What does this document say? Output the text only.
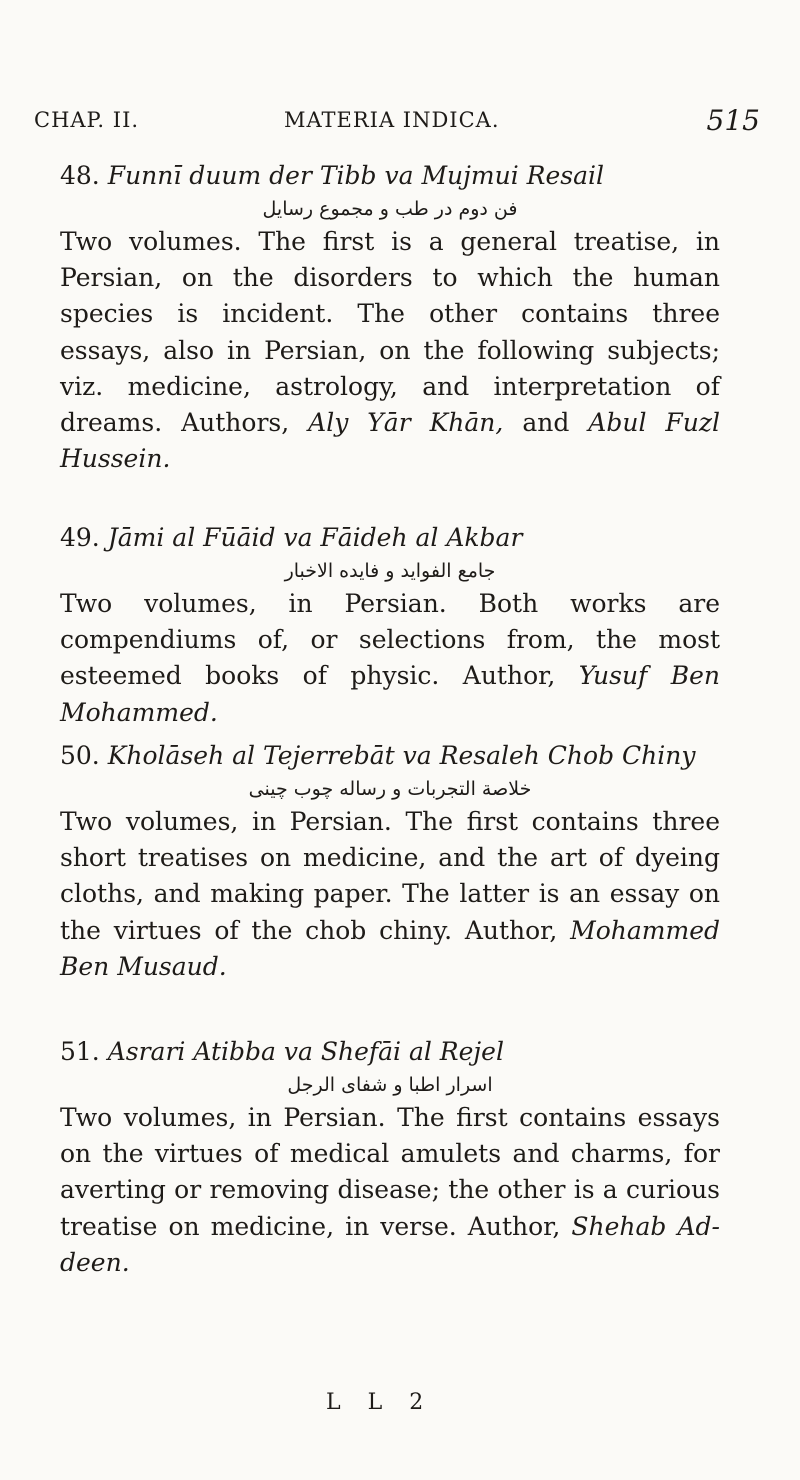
CHAP. II.	MATERIA INDICA.	515
48. Funnī duum der Tibb va Mujmui Resail
فن دوم در طب و مجموع رسایل
Two volumes. The first is a general treatise, in Persian, on the disorders to which the human species is incident. The other contains three essays, also in Persian, on the following subjects; viz. medicine, astrology, and interpretation of dreams. Authors, Aly Yār Khān, and Abul Fuzl Hussein.
49. Jāmi al Fūāid va Fāideh al Akbar
جامع الفواید و فایده الاخبار
Two volumes, in Persian. Both works are compendiums of, or selections from, the most esteemed books of physic. Author, Yusuf Ben Mohammed.
50. Kholāseh al Tejerrebāt va Resaleh Chob Chiny
خلاصة التجربات و رساله چوب چینی
Two volumes, in Persian. The first contains three short treatises on medicine, and the art of dyeing cloths, and making paper. The latter is an essay on the virtues of the chob chiny. Author, Mohammed Ben Musaud.
51. Asrari Atibba va Shefāi al Rejel
اسرار اطبا و شفای الرجل
Two volumes, in Persian. The first contains essays on the virtues of medical amulets and charms, for averting or removing disease; the other is a curious treatise on medicine, in verse. Author, Shehab Ad-deen.
L L 2
